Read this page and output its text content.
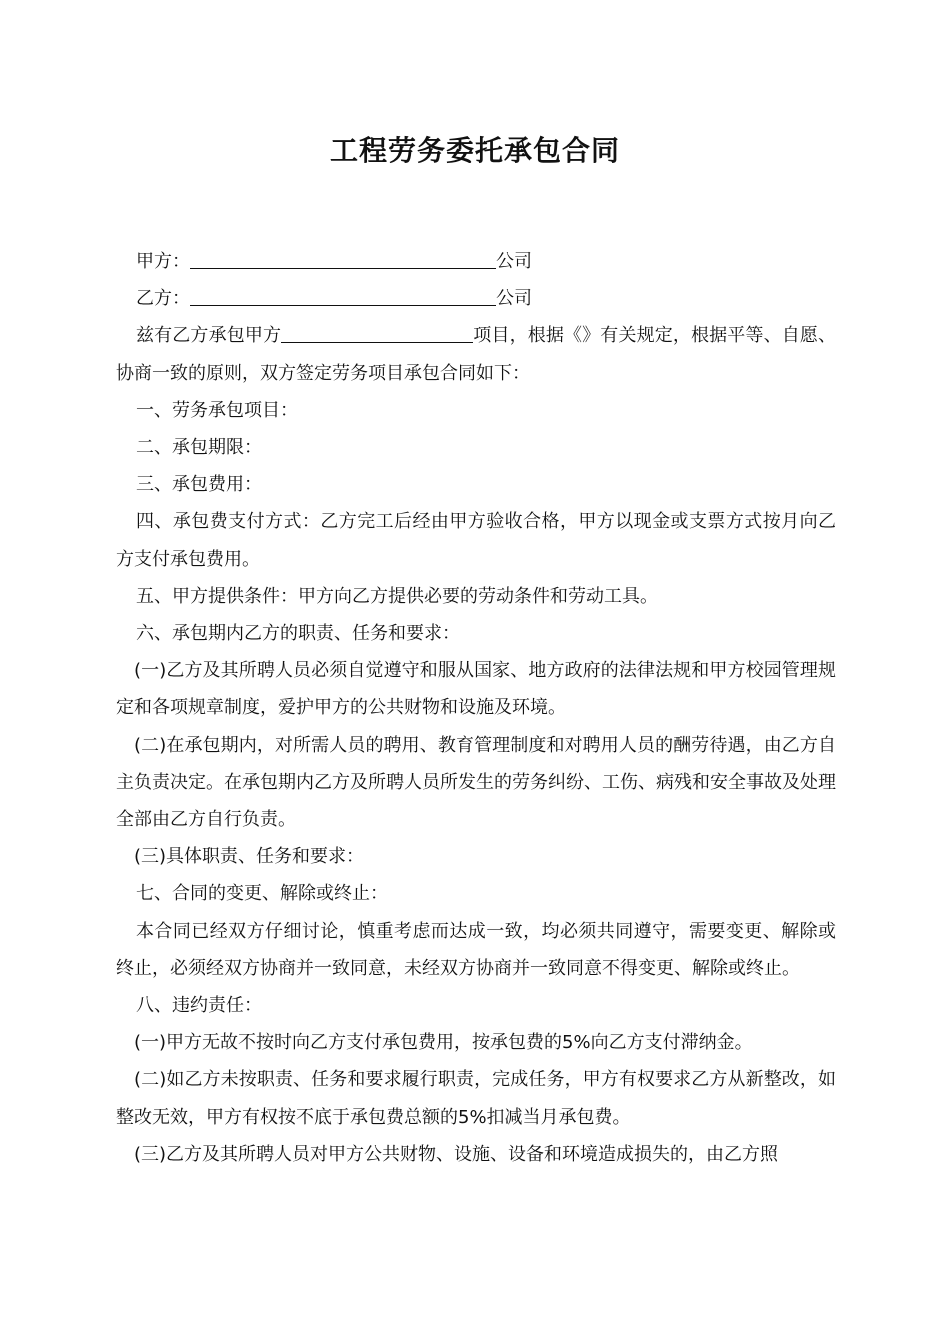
工程劳务委托承包合同

甲方：	公司

乙方：	公司

兹有乙方承包甲方	项目，根据《》有关规定，根据平等、自愿、协商一致的原则，双方签定劳务项目承包合同如下：

一、劳务承包项目：

二、承包期限：

三、承包费用：

四、承包费支付方式：乙方完工后经由甲方验收合格，甲方以现金或支票方式按月向乙方支付承包费用。

五、甲方提供条件：甲方向乙方提供必要的劳动条件和劳动工具。

六、承包期内乙方的职责、任务和要求：

(一)乙方及其所聘人员必须自觉遵守和服从国家、地方政府的法律法规和甲方校园管理规定和各项规章制度，爱护甲方的公共财物和设施及环境。

(二)在承包期内，对所需人员的聘用、教育管理制度和对聘用人员的酬劳待遇，由乙方自主负责决定。在承包期内乙方及所聘人员所发生的劳务纠纷、工伤、病残和安全事故及处理全部由乙方自行负责。

(三)具体职责、任务和要求：

七、合同的变更、解除或终止：

本合同已经双方仔细讨论，慎重考虑而达成一致，均必须共同遵守，需要变更、解除或终止，必须经双方协商并一致同意，未经双方协商并一致同意不得变更、解除或终止。

八、违约责任：

(一)甲方无故不按时向乙方支付承包费用，按承包费的5%向乙方支付滞纳金。

(二)如乙方未按职责、任务和要求履行职责，完成任务，甲方有权要求乙方从新整改，如整改无效，甲方有权按不底于承包费总额的5%扣减当月承包费。

(三)乙方及其所聘人员对甲方公共财物、设施、设备和环境造成损失的，由乙方照
